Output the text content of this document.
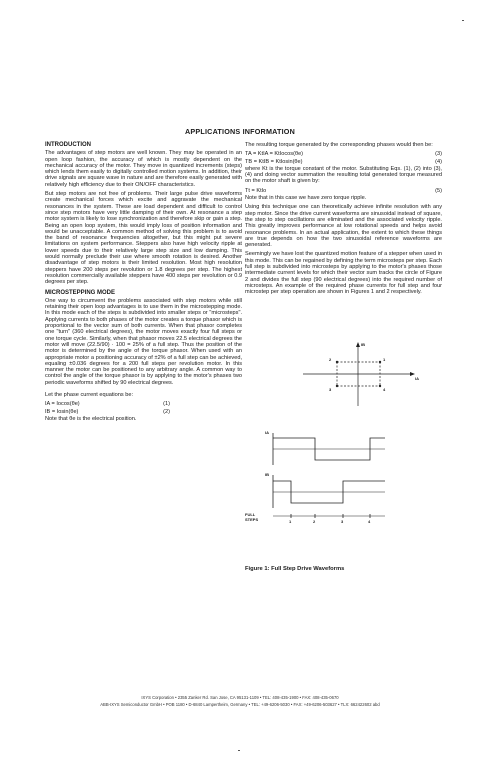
APPLICATIONS INFORMATION
INTRODUCTION
The advantages of step motors are well known. They may be operated in an open loop fashion, the accuracy of which is mostly dependent on the mechanical accuracy of the motor. They move in quantized increments (steps) which lends them easily to digitally controlled motion systems. In addition, their drive signals are square wave in nature and are therefore easily generated with relatively high efficiency due to their ON/OFF characteristics.
But step motors are not free of problems. Their large pulse drive waveforms create mechanical forces which excite and aggravate the mechanical resonances in the system. These are load dependent and difficult to control since step motors have very little damping of their own. At resonance a step motor system is likely to lose synchronization and therefore skip or gain a step. Being an open loop system, this would imply loss of position information and would be unacceptable. A common method of solving this problem is to avoid the band of resonance frequencies altogether, but this might put severe limitations on system performance. Steppers also have high velocity ripple at lower speeds due to their relatively large step size and low damping. This would normally preclude their use where smooth rotation is desired. Another disadvantage of step motors is their limited resolution. Most high resolution steppers have 200 steps per revolution or 1.8 degrees per step. The highest resolution commercially available steppers have 400 steps per revolution or 0.9 degrees per step.
MICROSTEPPING MODE
One way to circumvent the problems associated with step motors while still retaining their open loop advantages is to use them in the microstepping mode. In this mode each of the steps is subdivided into smaller steps or "microsteps". Applying currents to both phases of the motor creates a torque phasor which is proportional to the vector sum of both currents. When that phasor completes one "turn" (360 electrical degrees), the motor moves exactly four full steps or one torque cycle. Similarly, when that phasor moves 22.5 electrical degrees the motor will move (22.5/90) · 100 = 25% of a full step. Thus the position of the motor is determined by the angle of the torque phasor. When used with an appropriate motor a positioning accuracy of ±2% of a full step can be achieved, equaling ±0.036 degrees for a 200 full steps per revolution motor. In this manner the motor can be positioned to any arbitrary angle. A common way to control the angle of the torque phasor is by applying to the motor's phases two periodic waveforms shifted by 90 electrical degrees.
Let the phase current equations be:
IA = Iocos(θe)	(1)
IB = Iosin(θe)	(2)
Note that θe is the electrical position.
The resulting torque generated by the corresponding phases would then be:
TA = KtIA = KtIocos(θe)	(3)
TB = KtIB = KtIosin(θe)	(4)
where Kt is the torque constant of the motor. Substituting Eqs. (1), (2) into (3), (4) and doing vector summation the resulting total generated torque measured on the motor shaft is given by:
Tt = KtIo	(5)
Note that in this case we have zero torque ripple.
Using this technique one can theoretically achieve infinite resolution with any step motor. Since the drive current waveforms are sinusoidal instead of square, the step to step oscillations are eliminated and the associated velocity ripple. This greatly improves performance at low rotational speeds and helps avoid resonance problems. In an actual application, the extent to which these things are true depends on how the two sinusoidal reference waveforms are generated.
Seemingly we have lost the quantized motion feature of a stepper when used in this mode. This can be regained by defining the term microsteps per step. Each full step is subdivided into microsteps by applying to the motor's phases those intermediate current levels for which their vector sum tracks the circle of Figure 2 and divides the full step (90 electrical degrees) into the required number of microsteps. An example of the required phase currents for full step and four microstep per step operation are shown in Figures 1 and 2 respectively.
IB
IA
2	1
3	4
IA
IB
FULL
STEPS	1	2	3	4
Figure 1: Full Step Drive Waveforms
IXYS Corporation • 2355 Zanker Rd. San Jose, CA 95131-1109 • TEL: 408-435-1900 • FAX: 408-435-0670
ABB-IXYS Semiconductor GmbH • POB 1180 • D-6840 Lampertheim, Germany • TEL: +49-6206-5030 • FAX: +49-6206-503627 • TLX: 662422602 abd
